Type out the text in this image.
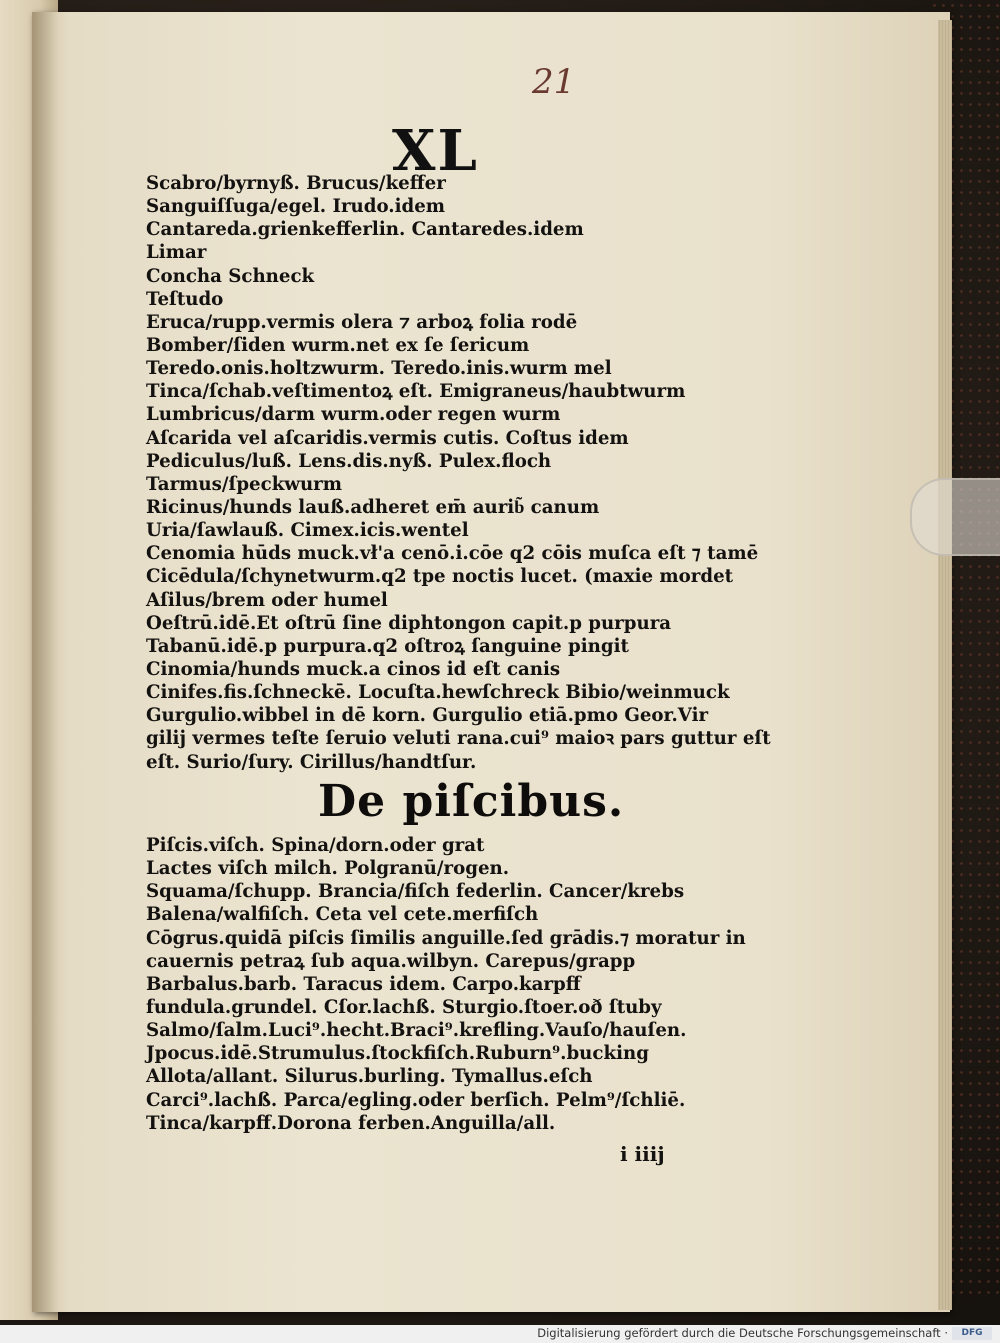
21
XL
Scabro/byrnyß. Brucus/keffer
Sanguiſſuga/egel. Irudo.idem
Cantareda.grienkefferlin. Cantaredes.idem
Limar
Concha Schneck
Teſtudo
Eruca/rupp.vermis olera ⁊ arboꝝ folia rodē
Bomber/ſiden wurm.net ex ſe ſericum
Teredo.onis.holtzwurm. Teredo.inis.wurm mel
Tinca/ſchab.veſtimentoꝝ eſt. Emigraneus/haubtwurm
Lumbricus/darm wurm.oder regen wurm
Aſcarida vel aſcaridis.vermis cutis. Coſtus idem
Pediculus/luß. Lens.dis.nyß. Pulex.floch
Tarmus/ſpeckwurm
Ricinus/hunds lauß.adheret em̄ aurib͂ canum
Uria/ſawlauß. Cimex.icis.wentel
Cenomia hūds muck.vł'a cenō.i.cōe q2 cōis muſca eſt ⁊ tamē
Cicēdula/ſchynetwurm.q2 tpe noctis lucet. (maxie mordet
Aſilus/brem oder humel
Oeſtrū.idē.Et oſtrū ſine diphtongon capit.p purpura
Tabanū.idē.p purpura.q2 oſtroꝝ ſanguine pingit
Cinomia/hunds muck.a cinos id eſt canis
Cinifes.fis.ſchneckē. Locuſta.hewſchreck Bibio/weinmuck
Gurgulio.wibbel in dē korn. Gurgulio etiā.pmo Geor.Vir
gilij vermes teſte ſeruio veluti rana.cui⁹ maioꝛ pars guttur eſt
eſt. Surio/ſury. Cirillus/handtſur.
De piſcibus.
Piſcis.viſch. Spina/dorn.oder grat
Lactes viſch milch. Polgranū/rogen.
Squama/ſchupp. Brancia/fiſch federlin. Cancer/krebs
Balena/walfiſch. Ceta vel cete.merfiſch
Cōgrus.quidā piſcis ſimilis anguille.ſed grādis.⁊ moratur in
cauernis petraꝝ ſub aqua.wilbyn. Carepus/grapp
Barbalus.barb. Taracus idem. Carpo.karpff
fundula.grundel. Cſor.lachß. Sturgio.ſtoer.oð ſtuby
Salmo/ſalm.Luci⁹.hecht.Braci⁹.krefling.Vauſo/hauſen.
Jpocus.idē.Strumulus.ſtockfiſch.Ruburn⁹.bucking
Allota/allant. Silurus.burling. Tymallus.eſch
Carci⁹.lachß. Parca/egling.oder berſich. Pelm⁹/ſchliē.
Tinca/karpff.Dorona ferben.Anguilla/all.
i iiij
Digitalisierung gefördert durch die Deutsche Forschungsgemeinschaft ·	DFG
